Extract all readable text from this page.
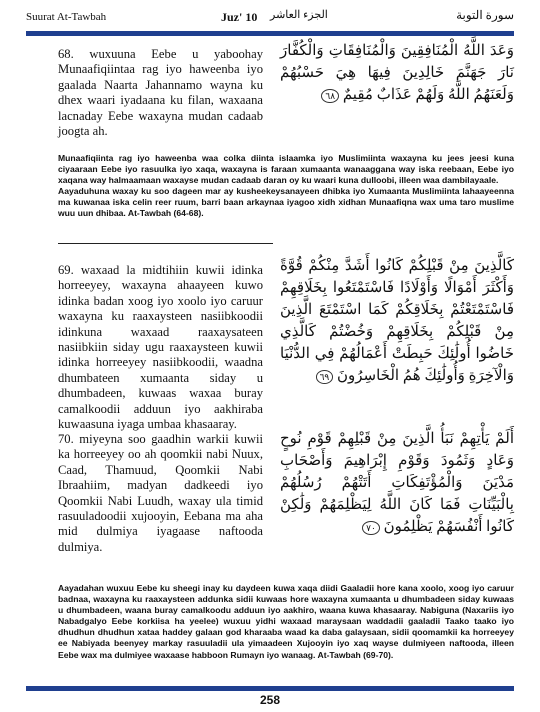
Suurat At-Tawbah	Juz' 10 الجزء العاشر	سورة التوبة
68. wuxuuna Eebe u yaboohay Munaafiqiintaa rag iyo haweenba iyo gaalada Naarta Jahannamo wayna ku dhex waari iyadaana ku filan, waxaana lacnaday Eebe waxayna mudan cadaab joogta ah.
وَعَدَ اللَّهُ الْمُنَافِقِينَ وَالْمُنَافِقَاتِ وَالْكُفَّارَ نَارَ جَهَنَّمَ خَالِدِينَ فِيهَا هِيَ حَسْبُهُمْ وَلَعَنَهُمُ اللَّهُ وَلَهُمْ عَذَابٌ مُقِيمٌ ٦٨

Munaafiqiinta rag iyo haweenba waa colka diinta islaamka iyo Muslimiinta waxayna ku jees jeesi kuna ciyaaraan Eebe iyo rasuulka iyo xaqa, waxayna is faraan xumaanta wanaaggana way iska reebaan, Eebe iyo xaqana way halmaamaan waxayse mudan cadaab daran oy ku waari kuna dulloobi, illeen waa dambilayaale.

Aayaduhuna waxay ku soo dageen mar ay kusheekeysanayeen dhibka iyo Xumaanta Muslimiinta lahaayeenna ma kuwanaa iska celin reer ruum, barri baan arkaynaa iyagoo xidh xidhan Munaafiqna wax uma taro muslime wuu uun dhibaa. At-Tawbah (64-68).

69. waxaad la midtihiin kuwii idinka horreeyey, waxayna ahaayeen kuwo idinka badan xoog iyo xoolo iyo caruur waxayna ku raaxaysteen nasiibkoodii idinkuna waxaad raaxaysateen nasiibkiin siday ugu raaxaysteen kuwii idinka horreeyey nasiibkoodii, waadna dhumbateen xumaanta siday u dhumbadeen, kuwaas waxaa buray camalkoodii adduun iyo aakhiraba kuwaasuna iyaga umbaa khasaaray.
كَالَّذِينَ مِنْ قَبْلِكُمْ كَانُوا أَشَدَّ مِنْكُمْ قُوَّةً وَأَكْثَرَ أَمْوَالًا وَأَوْلَادًا فَاسْتَمْتَعُوا بِخَلَاقِهِمْ فَاسْتَمْتَعْتُمْ بِخَلَاقِكُمْ كَمَا اسْتَمْتَعَ الَّذِينَ مِنْ قَبْلِكُمْ بِخَلَاقِهِمْ وَخُضْتُمْ كَالَّذِي خَاضُوا أُولَٰئِكَ حَبِطَتْ أَعْمَالُهُمْ فِي الدُّنْيَا وَالْآخِرَةِ وَأُولَٰئِكَ هُمُ الْخَاسِرُونَ ٦٩
70. miyeyna soo gaadhin warkii kuwii ka horreeyey oo ah qoomkii nabi Nuux, Caad, Thamuud, Qoomkii Nabi Ibraahiim, madyan dadkeedi iyo Qoomkii Nabi Luudh, waxay ula timid rasuuladoodii xujooyin, Eebana ma aha mid dulmiya iyagaase naftooda dulmiya.
أَلَمْ يَأْتِهِمْ نَبَأُ الَّذِينَ مِنْ قَبْلِهِمْ قَوْمِ نُوحٍ وَعَادٍ وَثَمُودَ وَقَوْمِ إِبْرَاهِيمَ وَأَصْحَابِ مَدْيَنَ وَالْمُؤْتَفِكَاتِ أَتَتْهُمْ رُسُلُهُمْ بِالْبَيِّنَاتِ فَمَا كَانَ اللَّهُ لِيَظْلِمَهُمْ وَلَٰكِنْ كَانُوا أَنْفُسَهُمْ يَظْلِمُونَ ٧٠

Aayadahan wuxuu Eebe ku sheegi inay ku daydeen kuwa xaqa diidi Gaaladii hore kana xoolo, xoog iyo caruur badnaa, waxayna ku raaxaysteen addunka sidii kuwaas hore waxayna xumaanta u dhumbadeen siday kuwaas u dhumbadeen, waana buray camalkoodu adduun iyo aakhiro, waana kuwa khasaaray. Nabiguna (Naxariis iyo Nabadgalyo Eebe korkiisa ha yeelee) wuxuu yidhi waxaad maraysaan waddadii gaaladii Taako taako iyo dhudhun dhudhun xataa haddey galaan god kharaaba waad ka daba galaysaan, sidii qoomamkii ka horreeyey ee Nabiyada beenyey markay rasuuladii ula yimaadeen Xujooyin iyo xaq wayse dulmiyeen naftooda, illeen Eebe wax ma dulmiyee waxaase habboon Rumayn iyo wanaag. At-Tawbah (69-70).

258
